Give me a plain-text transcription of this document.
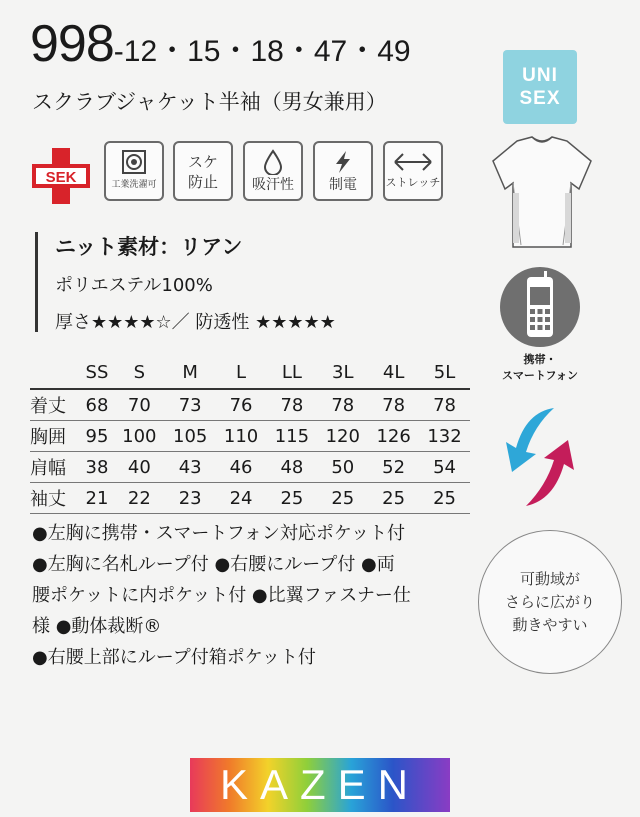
998-12・15・18・47・49
スクラブジャケット半袖（男女兼用）
UNI
SEX
SEK	工業洗濯可
スケ
防止 吸汗性	制電	ストレッチ
携帯・
スマートフォン
ニット素材：リアン
ポリエステル100%
厚さ★★★★☆／ 防透性 ★★★★★
	SS	S	M	L	LL	3L	4L	5L
着丈	68	70	73	76	78	78	78	78
胸囲	95	100	105	110	115	120	126	132
肩幅	38	40	43	46	48	50	52	54
袖丈	21	22	23	24	25	25	25	25

●左胸に携帯・スマートフォン対応ポケット付

●左胸に名札ループ付 ●右腰にループ付 ●両

腰ポケットに内ポケット付 ●比翼ファスナー仕

様 ●動体裁断®

●右腰上部にループ付箱ポケット付

可動域が
さらに広がり
動きやすい
KAZEN
